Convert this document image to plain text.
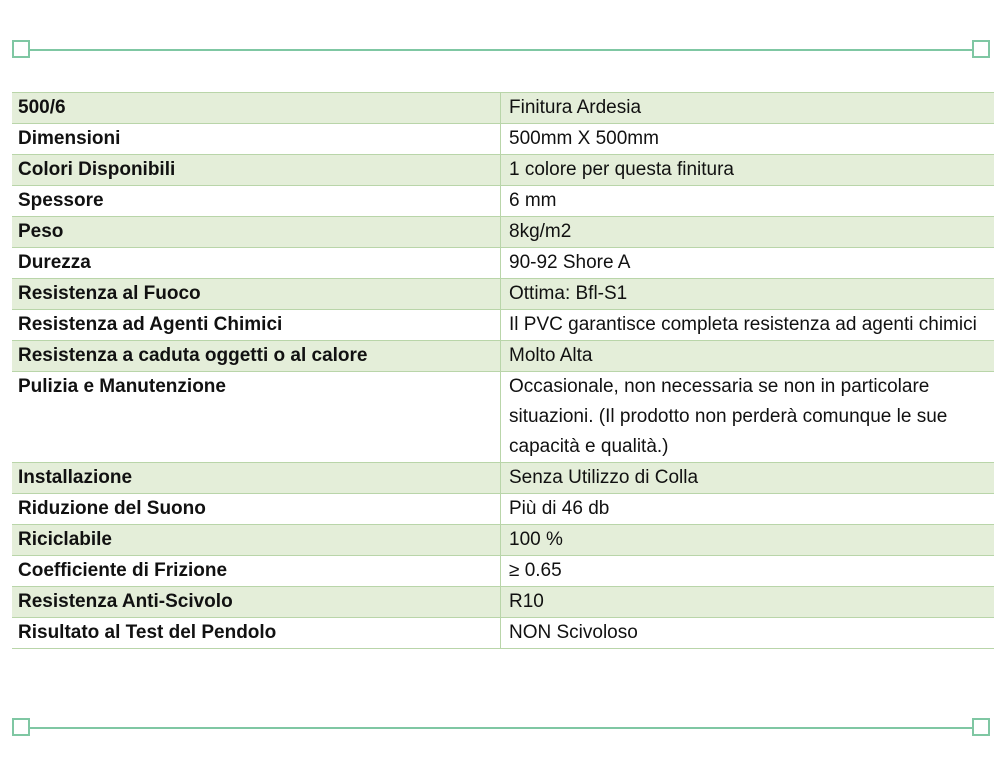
500/6	Finitura Ardesia
Dimensioni	500mm X 500mm
Colori Disponibili	1 colore per questa finitura
Spessore	6 mm
Peso	8kg/m2
Durezza	90-92 Shore A
Resistenza al Fuoco	Ottima: Bfl-S1
Resistenza ad Agenti Chimici	Il PVC garantisce completa resistenza ad agenti chimici
Resistenza a caduta oggetti o al calore	Molto Alta
Pulizia e Manutenzione	Occasionale, non necessaria se non in particolare situazioni. (Il prodotto non perderà comunque le sue capacità e qualità.)
Installazione	Senza Utilizzo di Colla
Riduzione del Suono	Più di 46 db
Riciclabile	100 %
Coefficiente di Frizione	≥ 0.65
Resistenza Anti-Scivolo	R10
Risultato al Test del Pendolo	NON Scivoloso
